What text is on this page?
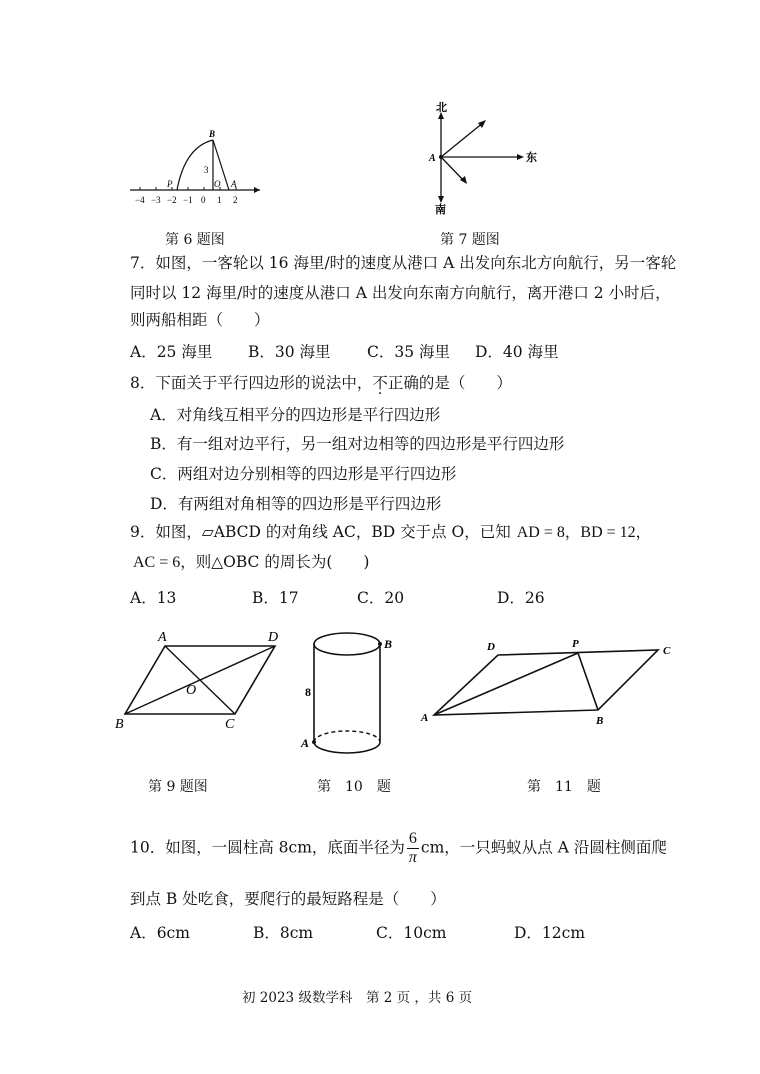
B
3
P	O A
−4 −3 −2 −1 0 1 2
第 6 题图
北
南
东
A
第 7 题图
7．如图，一客轮以 16 海里/时的速度从港口 A 出发向东北方向航行，另一客轮
同时以 12 海里/时的速度从港口 A 出发向东南方向航行，离开港口 2 小时后，
则两船相距（　　）
A．25 海里 B．30 海里 C．35 海里 D．40 海里
8．下面关于平行四边形的说法中，不正确的是（　　）
A．对角线互相平分的四边形是平行四边形
B．有一组对边平行，另一组对边相等的四边形是平行四边形
C．两组对边分别相等的四边形是平行四边形
D．有两组对角相等的四边形是平行四边形
9．如图，▱ABCD 的对角线 AC，BD 交于点 O，已知 AD = 8，BD = 12，
AC = 6，则△OBC 的周长为(　　)
A．13	B．17	C．20	D．26
A	D
B	C
O
第 9 题图
B
A
8
第　10　题
D	P
C
A	B
第　11　题
10．如图，一圆柱高 8cm，底面半径为 $\frac{6}{\pi}$ cm，一只蚂蚁从点 A 沿圆柱侧面爬
到点 B 处吃食，要爬行的最短路程是（　　）
A．6cm	B．8cm	C．10cm	D．12cm
初 2023 级数学科　第 2 页 ，共 6 页
